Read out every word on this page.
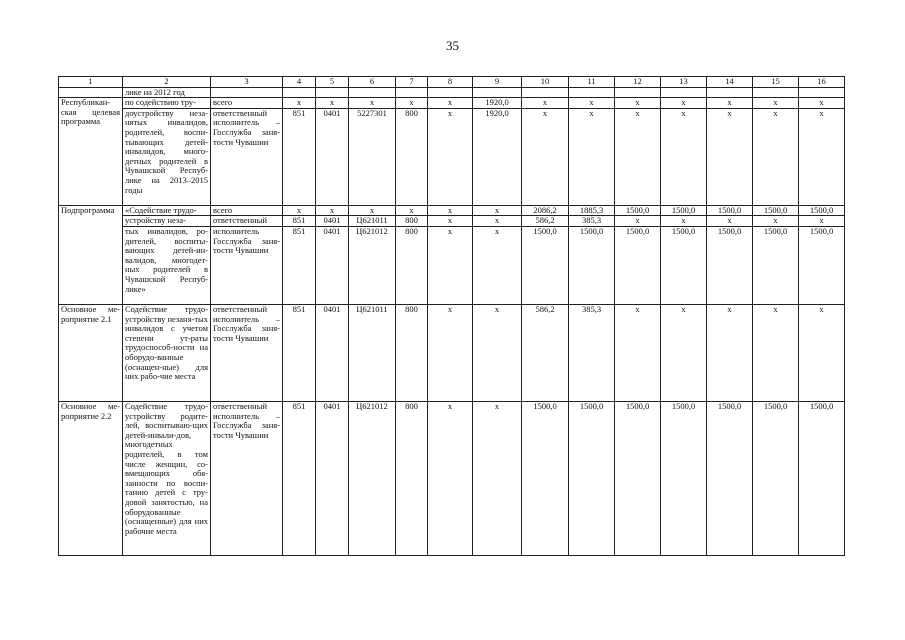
35
1	2	3	4	5	6	7	8	9	10	11	12	13	14	15	16
	лике на 2012 год														
Республикан-ская целевая программа	по содействию тру-	всего	х	х	х	х	х	1920,0	х	х	х	х	х	х	х
	доустройству неза-нятых инвалидов, родителей, воспи-тывающих детей-инвалидов, много-детных родителей в Чувашской Респуб-лике на 2013–2015 годы	ответственный исполнитель – Госслужба заня-тости Чувашии	851	0401	5227301	800	х	1920,0	х	х	х	х	х	х	х
Подпрограмма	«Содействие трудо-	всего	х	х	х	х	х	х	2086,2	1885,3	1500,0	1500,0	1500,0	1500,0	1500,0
	устройству неза-	ответственный	851	0401	Ц621011	800	х	х	586,2	385,3	х	х	х	х	х
	тых инвалидов, ро-дителей, воспиты-вающих детей-ин-валидов, многодет-ных родителей в Чувашской Респуб-лике»	исполнитель Госслужба заня-тости Чувашии	851	0401	Ц621012	800	х	х	1500,0	1500,0	1500,0	1500,0	1500,0	1500,0	1500,0
Основное ме-роприятие 2.1	Содействие трудо-устройству незаня-тых инвалидов с учетом степени ут-раты трудоспособ-ности на оборудо-ванные (оснащен-ные) для них рабо-чие места	ответственный исполнитель – Госслужба заня-тости Чувашии	851	0401	Ц621011	800	х	х	586,2	385,3	х	х	х	х	х
Основное ме-роприятие 2.2	Содействие трудо-устройству родите-лей, воспитываю-щих детей-инвали-дов, многодетных родителей, в том числе женщин, со-вмещающих обя-занности по воспи-танию детей с тру-довой занятостью, на оборудованные (оснащенные) для них рабочие места	ответственный исполнитель – Госслужба заня-тости Чувашии	851	0401	Ц621012	800	х	х	1500,0	1500,0	1500,0	1500,0	1500,0	1500,0	1500,0
